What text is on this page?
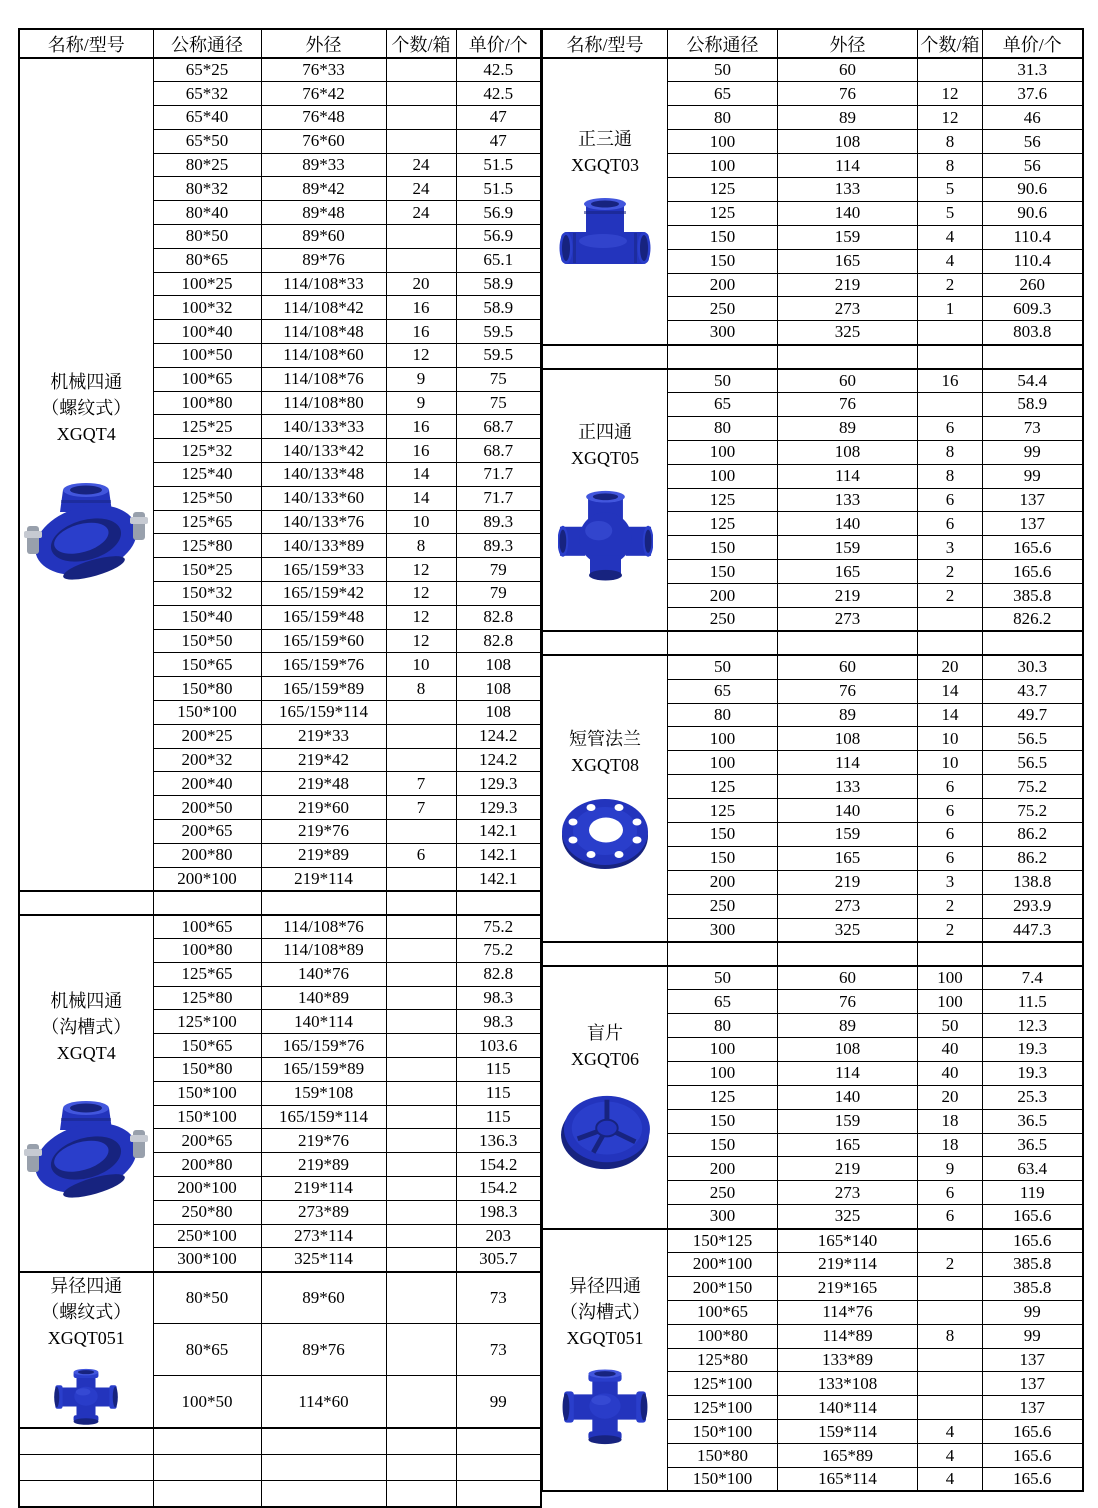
名称/型号	公称通径	外径	个数/箱	单价/个

机械四通
（螺纹式）
XGQT4	65*25	76*33		42.5
	65*32	76*42		42.5
	65*40	76*48		47
	65*50	76*60		47
	80*25	89*33	24	51.5
	80*32	89*42	24	51.5
	80*40	89*48	24	56.9
	80*50	89*60		56.9
	80*65	89*76		65.1
	100*25	114/108*33	20	58.9
	100*32	114/108*42	16	58.9
	100*40	114/108*48	16	59.5
	100*50	114/108*60	12	59.5
	100*65	114/108*76	9	75
	100*80	114/108*80	9	75
	125*25	140/133*33	16	68.7
	125*32	140/133*42	16	68.7
	125*40	140/133*48	14	71.7
	125*50	140/133*60	14	71.7
	125*65	140/133*76	10	89.3
	125*80	140/133*89	8	89.3
	150*25	165/159*33	12	79
	150*32	165/159*42	12	79
	150*40	165/159*48	12	82.8
	150*50	165/159*60	12	82.8
	150*65	165/159*76	10	108
	150*80	165/159*89	8	108
	150*100	165/159*114		108
	200*25	219*33		124.2
	200*32	219*42		124.2
	200*40	219*48	7	129.3
	200*50	219*60	7	129.3
	200*65	219*76		142.1
	200*80	219*89	6	142.1
	200*100	219*114		142.1

机械四通
（沟槽式）
XGQT4	100*65	114/108*76		75.2
	100*80	114/108*89		75.2
	125*65	140*76		82.8
	125*80	140*89		98.3
	125*100	140*114		98.3
	150*65	165/159*76		103.6
	150*80	165/159*89		115
	150*100	159*108		115
	150*100	165/159*114		115
	200*65	219*76		136.3
	200*80	219*89		154.2
	200*100	219*114		154.2
	250*80	273*89		198.3
	250*100	273*114		203
	300*100	325*114		305.7

异径四通
（螺纹式）
XGQT051	80*50	89*60		73
	80*65	89*76		73
	100*50	114*60		99

名称/型号	公称通径	外径	个数/箱	单价/个

正三通
XGQT03	50	60		31.3
	65	76	12	37.6
	80	89	12	46
	100	108	8	56
	100	114	8	56
	125	133	5	90.6
	125	140	5	90.6
	150	159	4	110.4
	150	165	4	110.4
	200	219	2	260
	250	273	1	609.3
	300	325		803.8

正四通
XGQT05	50	60	16	54.4
	65	76		58.9
	80	89	6	73
	100	108	8	99
	100	114	8	99
	125	133	6	137
	125	140	6	137
	150	159	3	165.6
	150	165	2	165.6
	200	219	2	385.8
	250	273		826.2

短管法兰
XGQT08	50	60	20	30.3
	65	76	14	43.7
	80	89	14	49.7
	100	108	10	56.5
	100	114	10	56.5
	125	133	6	75.2
	125	140	6	75.2
	150	159	6	86.2
	150	165	6	86.2
	200	219	3	138.8
	250	273	2	293.9
	300	325	2	447.3

盲片
XGQT06	50	60	100	7.4
	65	76	100	11.5
	80	89	50	12.3
	100	108	40	19.3
	100	114	40	19.3
	125	140	20	25.3
	150	159	18	36.5
	150	165	18	36.5
	200	219	9	63.4
	250	273	6	119
	300	325	6	165.6

异径四通
（沟槽式）
XGQT051	150*125	165*140		165.6
	200*100	219*114	2	385.8
	200*150	219*165		385.8
	100*65	114*76		99
	100*80	114*89	8	99
	125*80	133*89		137
	125*100	133*108		137
	125*100	140*114		137
	150*100	159*114	4	165.6
	150*80	165*89	4	165.6
	150*100	165*114	4	165.6
